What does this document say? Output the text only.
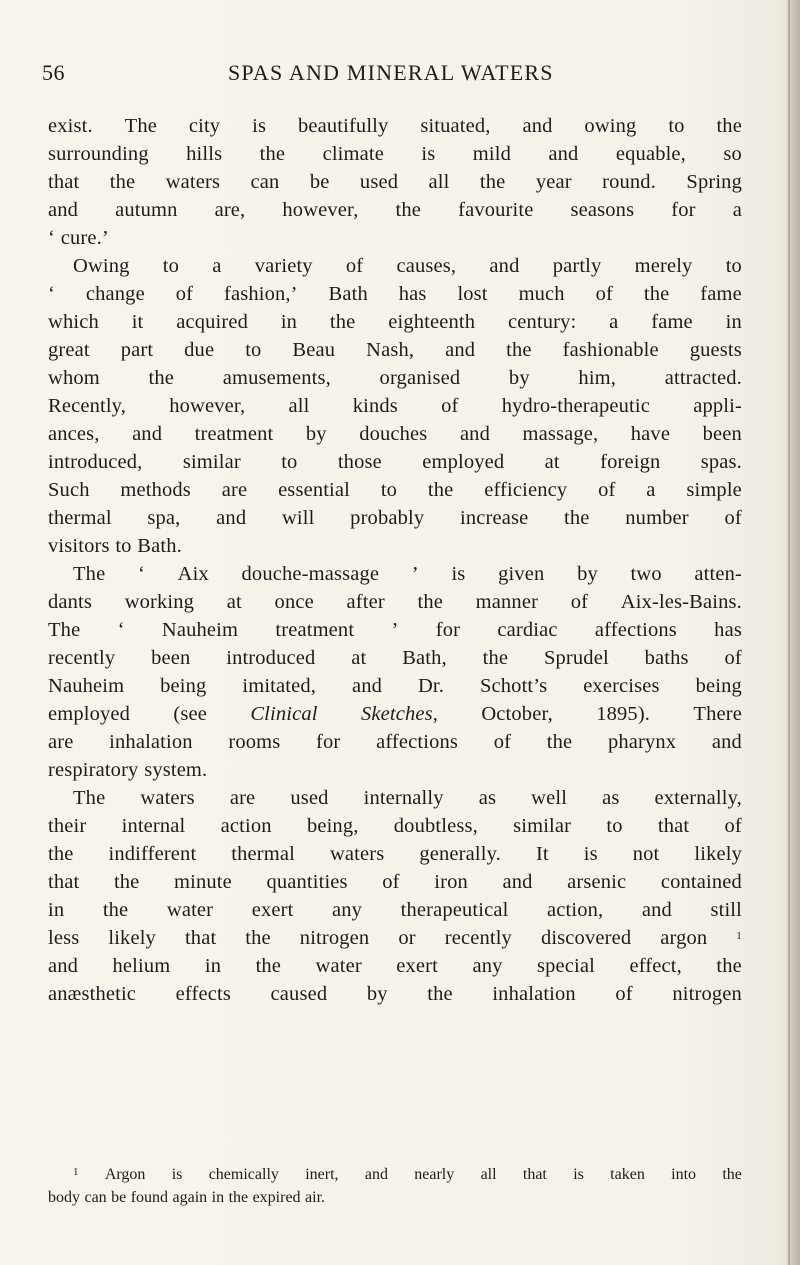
56	SPAS AND MINERAL WATERS
exist. The city is beautifully situated, and owing to the
surrounding hills the climate is mild and equable, so
that the waters can be used all the year round. Spring
and autumn are, however, the favourite seasons for a
‘ cure.’
Owing to a variety of causes, and partly merely to
‘ change of fashion,’ Bath has lost much of the fame
which it acquired in the eighteenth century: a fame in
great part due to Beau Nash, and the fashionable guests
whom the amusements, organised by him, attracted.
Recently, however, all kinds of hydro-therapeutic appli-
ances, and treatment by douches and massage, have been
introduced, similar to those employed at foreign spas.
Such methods are essential to the efficiency of a simple
thermal spa, and will probably increase the number of
visitors to Bath.
The ‘ Aix douche-massage ’ is given by two atten-
dants working at once after the manner of Aix-les-Bains.
The ‘ Nauheim treatment ’ for cardiac affections has
recently been introduced at Bath, the Sprudel baths of
Nauheim being imitated, and Dr. Schott’s exercises being
employed (see Clinical Sketches, October, 1895). There
are inhalation rooms for affections of the pharynx and
respiratory system.
The waters are used internally as well as externally,
their internal action being, doubtless, similar to that of
the indifferent thermal waters generally. It is not likely
that the minute quantities of iron and arsenic contained
in the water exert any therapeutical action, and still
less likely that the nitrogen or recently discovered argon	$^1$
and helium in the water exert any special effect, the
anæsthetic effects caused by the inhalation of nitrogen
$^1$ Argon is chemically inert, and nearly all that is taken into the
body can be found again in the expired air.
